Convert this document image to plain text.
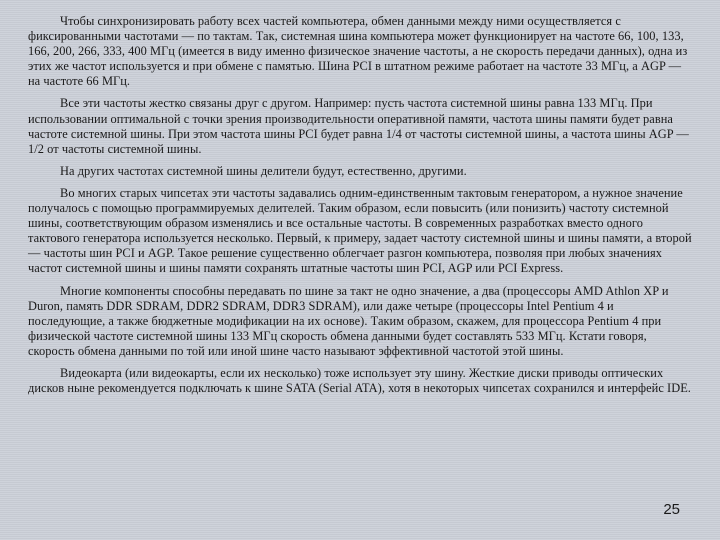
Чтобы синхронизировать работу всех частей компьютера, обмен данными между ними осуществляется с фиксированными частотами — по тактам. Так, системная шина компьютера может функционирует на частоте 66, 100, 133, 166, 200, 266, 333, 400 МГц (имеется в виду именно физическое значение частоты, а не скорость передачи данных), одна из этих же частот используется и при обмене с памятью. Шина PCI в штатном режиме работает на частоте 33 МГц, а AGP — на частоте 66 МГц.

Все эти частоты жестко связаны друг с другом. Например: пусть частота системной шины равна 133 МГц. При использовании оптимальной с точки зрения производительности оперативной памяти, частота шины памяти будет равна частоте системной шины. При этом частота шины PCI будет равна 1/4 от частоты системной шины, а частота шины AGP — 1/2 от частоты системной шины.

На других частотах системной шины делители будут, естественно, другими.

Во многих старых чипсетах эти частоты задавались одним-единственным тактовым генератором, а нужное значение получалось с помощью программируемых делителей. Таким образом, если повысить (или понизить) частоту системной шины, соответствующим образом изменялись и все остальные частоты. В современных разработках вместо одного тактового генератора используется несколько. Первый, к примеру, задает частоту системной шины и шины памяти, а второй — частоты шин PCI и AGP. Такое решение существенно облегчает разгон компьютера, позволяя при любых значениях частот системной шины и шины памяти сохранять штатные частоты шин PCI, AGP или PCI Express.

Многие компоненты способны передавать по шине за такт не одно значение, а два (процессоры AMD Athlon XP и Duron, память DDR SDRAM, DDR2 SDRAM, DDR3 SDRAM), или даже четыре (процессоры Intel Pentium 4 и последующие, а также бюджетные модификации на их основе). Таким образом, скажем, для процессора Pentium 4 при физической частоте системной шины 133 МГц скорость обмена данными будет составлять 533 МГц. Кстати говоря, скорость обмена данными по той или иной шине часто называют эффективной частотой этой шины.

Видеокарта (или видеокарты, если их несколько) тоже использует эту шину. Жесткие диски приводы оптических дисков ныне рекомендуется подключать к шине SATA (Serial ATA), хотя в некоторых чипсетах сохранился и интерфейс IDE.

25
